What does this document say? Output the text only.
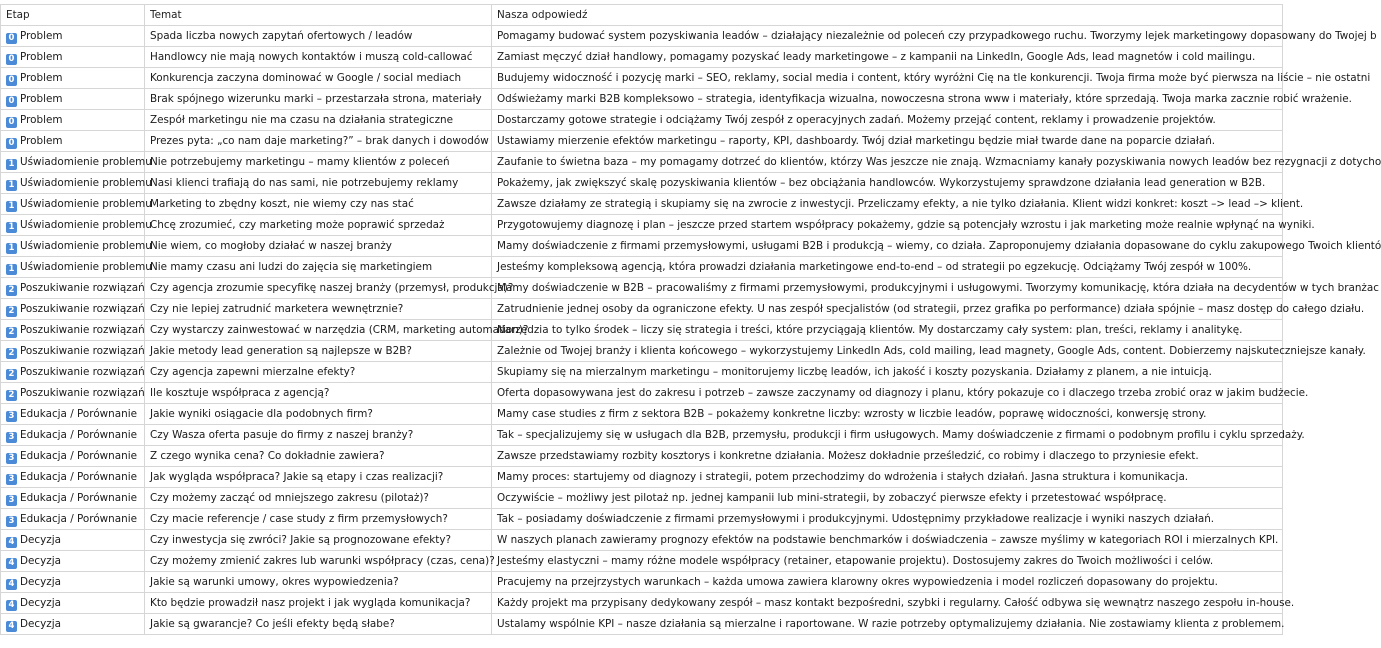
Etap	Temat	Nasza odpowiedź
0 Problem	Spada liczba nowych zapytań ofertowych / leadów	Pomagamy budować system pozyskiwania leadów – działający niezależnie od poleceń czy przypadkowego ruchu. Tworzymy lejek marketingowy dopasowany do Twojej b
0 Problem	Handlowcy nie mają nowych kontaktów i muszą cold-callować	Zamiast męczyć dział handlowy, pomagamy pozyskać leady marketingowe – z kampanii na LinkedIn, Google Ads, lead magnetów i cold mailingu.
0 Problem	Konkurencja zaczyna dominować w Google / social mediach	Budujemy widoczność i pozycję marki – SEO, reklamy, social media i content, który wyróżni Cię na tle konkurencji. Twoja firma może być pierwsza na liście – nie ostatni
0 Problem	Brak spójnego wizerunku marki – przestarzała strona, materiały	Odświeżamy marki B2B kompleksowo – strategia, identyfikacja wizualna, nowoczesna strona www i materiały, które sprzedają. Twoja marka zacznie robić wrażenie.
0 Problem	Zespół marketingu nie ma czasu na działania strategiczne	Dostarczamy gotowe strategie i odciążamy Twój zespół z operacyjnych zadań. Możemy przejąć content, reklamy i prowadzenie projektów.
0 Problem	Prezes pyta: „co nam daje marketing?” – brak danych i dowodów	Ustawiamy mierzenie efektów marketingu – raporty, KPI, dashboardy. Twój dział marketingu będzie miał twarde dane na poparcie działań.
1 Uświadomienie problemu	Nie potrzebujemy marketingu – mamy klientów z poleceń	Zaufanie to świetna baza – my pomagamy dotrzeć do klientów, którzy Was jeszcze nie znają. Wzmacniamy kanały pozyskiwania nowych leadów bez rezygnacji z dotycho
1 Uświadomienie problemu	Nasi klienci trafiają do nas sami, nie potrzebujemy reklamy	Pokażemy, jak zwiększyć skalę pozyskiwania klientów – bez obciążania handlowców. Wykorzystujemy sprawdzone działania lead generation w B2B.
1 Uświadomienie problemu	Marketing to zbędny koszt, nie wiemy czy nas stać	Zawsze działamy ze strategią i skupiamy się na zwrocie z inwestycji. Przeliczamy efekty, a nie tylko działania. Klient widzi konkret: koszt –> lead –> klient.
1 Uświadomienie problemu	Chcę zrozumieć, czy marketing może poprawić sprzedaż	Przygotowujemy diagnozę i plan – jeszcze przed startem współpracy pokażemy, gdzie są potencjały wzrostu i jak marketing może realnie wpłynąć na wyniki.
1 Uświadomienie problemu	Nie wiem, co mogłoby działać w naszej branży	Mamy doświadczenie z firmami przemysłowymi, usługami B2B i produkcją – wiemy, co działa. Zaproponujemy działania dopasowane do cyklu zakupowego Twoich klientó
1 Uświadomienie problemu	Nie mamy czasu ani ludzi do zajęcia się marketingiem	Jesteśmy kompleksową agencją, która prowadzi działania marketingowe end-to-end – od strategii po egzekucję. Odciążamy Twój zespół w 100%.
2 Poszukiwanie rozwiązań	Czy agencja zrozumie specyfikę naszej branży (przemysł, produkcja)?	Mamy doświadczenie w B2B – pracowaliśmy z firmami przemysłowymi, produkcyjnymi i usługowymi. Tworzymy komunikację, która działa na decydentów w tych branżac
2 Poszukiwanie rozwiązań	Czy nie lepiej zatrudnić marketera wewnętrznie?	Zatrudnienie jednej osoby da ograniczone efekty. U nas zespół specjalistów (od strategii, przez grafika po performance) działa spójnie – masz dostęp do całego działu.
2 Poszukiwanie rozwiązań	Czy wystarczy zainwestować w narzędzia (CRM, marketing automation)?	Narzędzia to tylko środek – liczy się strategia i treści, które przyciągają klientów. My dostarczamy cały system: plan, treści, reklamy i analitykę.
2 Poszukiwanie rozwiązań	Jakie metody lead generation są najlepsze w B2B?	Zależnie od Twojej branży i klienta końcowego – wykorzystujemy LinkedIn Ads, cold mailing, lead magnety, Google Ads, content. Dobierzemy najskuteczniejsze kanały.
2 Poszukiwanie rozwiązań	Czy agencja zapewni mierzalne efekty?	Skupiamy się na mierzalnym marketingu – monitorujemy liczbę leadów, ich jakość i koszty pozyskania. Działamy z planem, a nie intuicją.
2 Poszukiwanie rozwiązań	Ile kosztuje współpraca z agencją?	Oferta dopasowywana jest do zakresu i potrzeb – zawsze zaczynamy od diagnozy i planu, który pokazuje co i dlaczego trzeba zrobić oraz w jakim budżecie.
3 Edukacja / Porównanie	Jakie wyniki osiągacie dla podobnych firm?	Mamy case studies z firm z sektora B2B – pokażemy konkretne liczby: wzrosty w liczbie leadów, poprawę widoczności, konwersję strony.
3 Edukacja / Porównanie	Czy Wasza oferta pasuje do firmy z naszej branży?	Tak – specjalizujemy się w usługach dla B2B, przemysłu, produkcji i firm usługowych. Mamy doświadczenie z firmami o podobnym profilu i cyklu sprzedaży.
3 Edukacja / Porównanie	Z czego wynika cena? Co dokładnie zawiera?	Zawsze przedstawiamy rozbity kosztorys i konkretne działania. Możesz dokładnie prześledzić, co robimy i dlaczego to przyniesie efekt.
3 Edukacja / Porównanie	Jak wygląda współpraca? Jakie są etapy i czas realizacji?	Mamy proces: startujemy od diagnozy i strategii, potem przechodzimy do wdrożenia i stałych działań. Jasna struktura i komunikacja.
3 Edukacja / Porównanie	Czy możemy zacząć od mniejszego zakresu (pilotaż)?	Oczywiście – możliwy jest pilotaż np. jednej kampanii lub mini-strategii, by zobaczyć pierwsze efekty i przetestować współpracę.
3 Edukacja / Porównanie	Czy macie referencje / case study z firm przemysłowych?	Tak – posiadamy doświadczenie z firmami przemysłowymi i produkcyjnymi. Udostępnimy przykładowe realizacje i wyniki naszych działań.
4 Decyzja	Czy inwestycja się zwróci? Jakie są prognozowane efekty?	W naszych planach zawieramy prognozy efektów na podstawie benchmarków i doświadczenia – zawsze myślimy w kategoriach ROI i mierzalnych KPI.
4 Decyzja	Czy możemy zmienić zakres lub warunki współpracy (czas, cena)?	Jesteśmy elastyczni – mamy różne modele współpracy (retainer, etapowanie projektu). Dostosujemy zakres do Twoich możliwości i celów.
4 Decyzja	Jakie są warunki umowy, okres wypowiedzenia?	Pracujemy na przejrzystych warunkach – każda umowa zawiera klarowny okres wypowiedzenia i model rozliczeń dopasowany do projektu.
4 Decyzja	Kto będzie prowadził nasz projekt i jak wygląda komunikacja?	Każdy projekt ma przypisany dedykowany zespół – masz kontakt bezpośredni, szybki i regularny. Całość odbywa się wewnątrz naszego zespołu in-house.
4 Decyzja	Jakie są gwarancje? Co jeśli efekty będą słabe?	Ustalamy wspólnie KPI – nasze działania są mierzalne i raportowane. W razie potrzeby optymalizujemy działania. Nie zostawiamy klienta z problemem.
